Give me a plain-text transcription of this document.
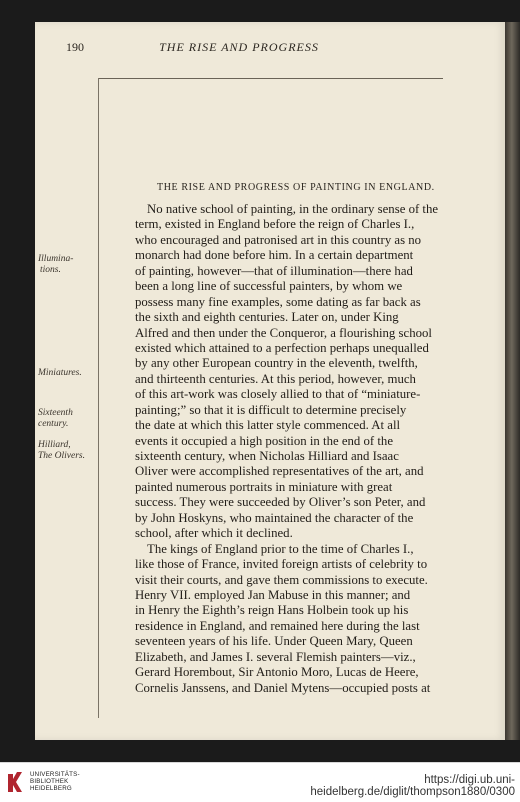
190	THE RISE AND PROGRESS
THE RISE AND PROGRESS OF PAINTING IN ENGLAND.
Illumina-
tions.
Miniatures.
Sixteenth
century.
Hilliard,
The Olivers.
No native school of painting, in the ordinary sense of the
term, existed in England before the reign of Charles I.,
who encouraged and patronised art in this country as no
monarch had done before him. In a certain department
of painting, however—that of illumination—there had
been a long line of successful painters, by whom we
possess many fine examples, some dating as far back as
the sixth and eighth centuries. Later on, under King
Alfred and then under the Conqueror, a flourishing school
existed which attained to a perfection perhaps unequalled
by any other European country in the eleventh, twelfth,
and thirteenth centuries. At this period, however, much
of this art-work was closely allied to that of “miniature-
painting;” so that it is difficult to determine precisely
the date at which this latter style commenced. At all
events it occupied a high position in the end of the
sixteenth century, when Nicholas Hilliard and Isaac
Oliver were accomplished representatives of the art, and
painted numerous portraits in miniature with great
success. They were succeeded by Oliver’s son Peter, and
by John Hoskyns, who maintained the character of the
school, after which it declined.
The kings of England prior to the time of Charles I.,
like those of France, invited foreign artists of celebrity to
visit their courts, and gave them commissions to execute.
Henry VII. employed Jan Mabuse in this manner; and
in Henry the Eighth’s reign Hans Holbein took up his
residence in England, and remained here during the last
seventeen years of his life. Under Queen Mary, Queen
Elizabeth, and James I. several Flemish painters—viz.,
Gerard Horembout, Sir Antonio Moro, Lucas de Heere,
Cornelis Janssens, and Daniel Mytens—occupied posts at
UNIVERSITÄTS-
BIBLIOTHEK
HEIDELBERG
https://digi.ub.uni-heidelberg.de/diglit/thompson1880/0300
